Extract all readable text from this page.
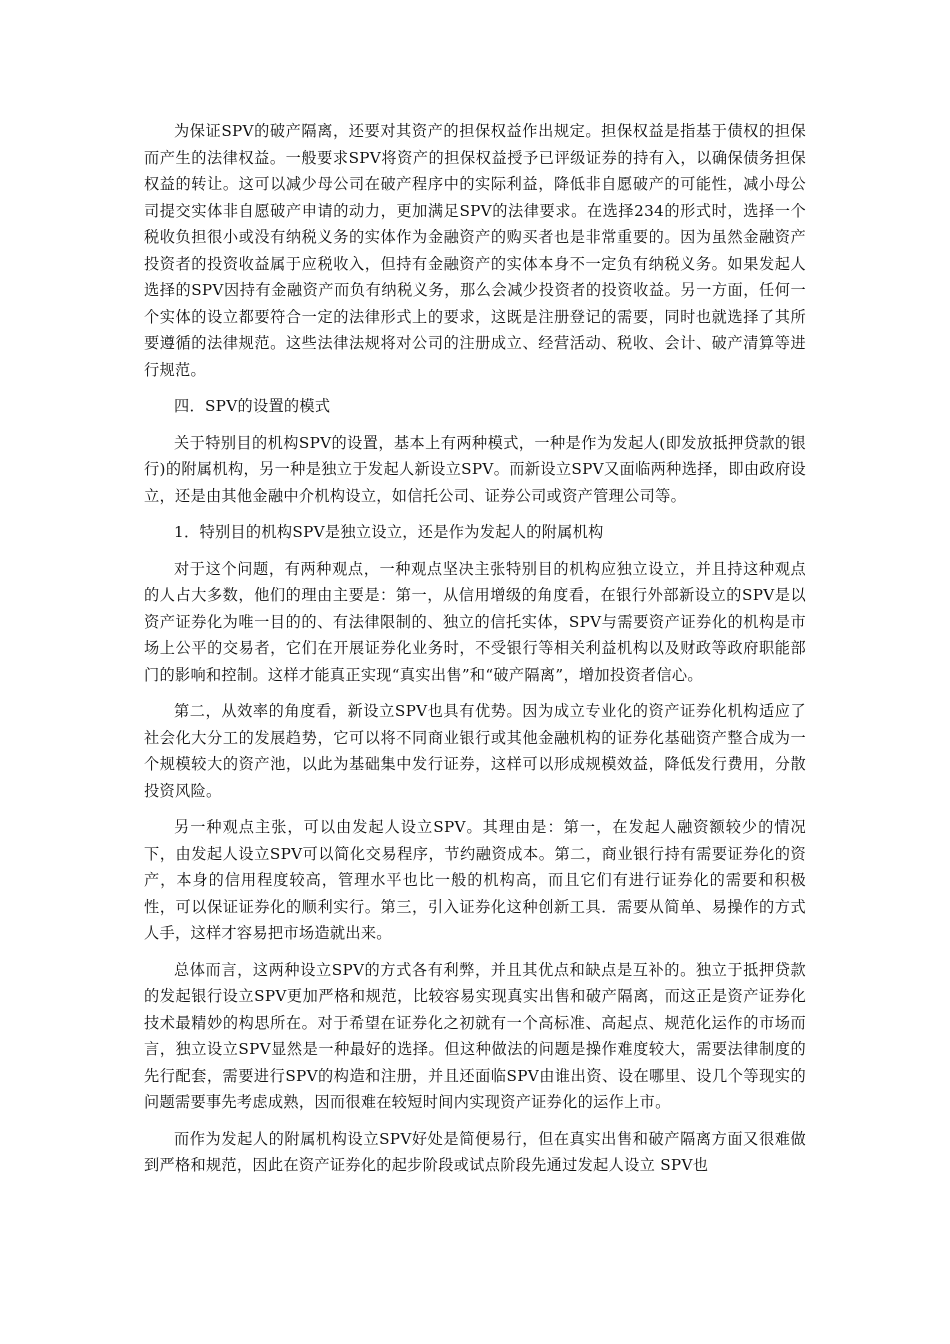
为保证SPV的破产隔离，还要对其资产的担保权益作出规定。担保权益是指基于债权的担保而产生的法律权益。一般要求SPV将资产的担保权益授予已评级证券的持有入，以确保债务担保权益的转让。这可以减少母公司在破产程序中的实际利益，降低非自愿破产的可能性，减小母公司提交实体非自愿破产申请的动力，更加满足SPV的法律要求。在选择234的形式时，选择一个税收负担很小或没有纳税义务的实体作为金融资产的购买者也是非常重要的。因为虽然金融资产投资者的投资收益属于应税收入，但持有金融资产的实体本身不一定负有纳税义务。如果发起人选择的SPV因持有金融资产而负有纳税义务，那么会减少投资者的投资收益。另一方面，任何一个实体的设立都要符合一定的法律形式上的要求，这既是注册登记的需要，同时也就选择了其所要遵循的法律规范。这些法律法规将对公司的注册成立、经营活动、税收、会计、破产清算等进行规范。

四．SPV的设置的模式

关于特别目的机构SPV的设置，基本上有两种模式，一种是作为发起人(即发放抵押贷款的银行)的附属机构，另一种是独立于发起人新设立SPV。而新设立SPV又面临两种选择，即由政府设立，还是由其他金融中介机构设立，如信托公司、证券公司或资产管理公司等。

1．特别目的机构SPV是独立设立，还是作为发起人的附属机构

对于这个问题，有两种观点，一种观点坚决主张特别目的机构应独立设立，并且持这种观点的人占大多数，他们的理由主要是：第一，从信用增级的角度看，在银行外部新设立的SPV是以资产证券化为唯一目的的、有法律限制的、独立的信托实体，SPV与需要资产证券化的机构是市场上公平的交易者，它们在开展证券化业务时，不受银行等相关利益机构以及财政等政府职能部门的影响和控制。这样才能真正实现“真实出售”和“破产隔离”，增加投资者信心。

第二，从效率的角度看，新设立SPV也具有优势。因为成立专业化的资产证券化机构适应了社会化大分工的发展趋势，它可以将不同商业银行或其他金融机构的证券化基础资产整合成为一个规模较大的资产池，以此为基础集中发行证券，这样可以形成规模效益，降低发行费用，分散投资风险。

另一种观点主张，可以由发起人设立SPV。其理由是：第一，在发起人融资额较少的情况下，由发起人设立SPV可以简化交易程序，节约融资成本。第二，商业银行持有需要证券化的资产，本身的信用程度较高，管理水平也比一般的机构高，而且它们有进行证券化的需要和积极性，可以保证证券化的顺利实行。第三，引入证券化这种创新工具．需要从简单、易操作的方式人手，这样才容易把市场造就出来。

总体而言，这两种设立SPV的方式各有利弊，并且其优点和缺点是互补的。独立于抵押贷款的发起银行设立SPV更加严格和规范，比较容易实现真实出售和破产隔离，而这正是资产证券化技术最精妙的构思所在。对于希望在证券化之初就有一个高标准、高起点、规范化运作的市场而言，独立设立SPV显然是一种最好的选择。但这种做法的问题是操作难度较大，需要法律制度的先行配套，需要进行SPV的构造和注册，并且还面临SPV由谁出资、设在哪里、设几个等现实的问题需要事先考虑成熟，因而很难在较短时间内实现资产证券化的运作上市。

而作为发起人的附属机构设立SPV好处是简便易行，但在真实出售和破产隔离方面又很难做到严格和规范，因此在资产证券化的起步阶段或试点阶段先通过发起人设立 SPV也
